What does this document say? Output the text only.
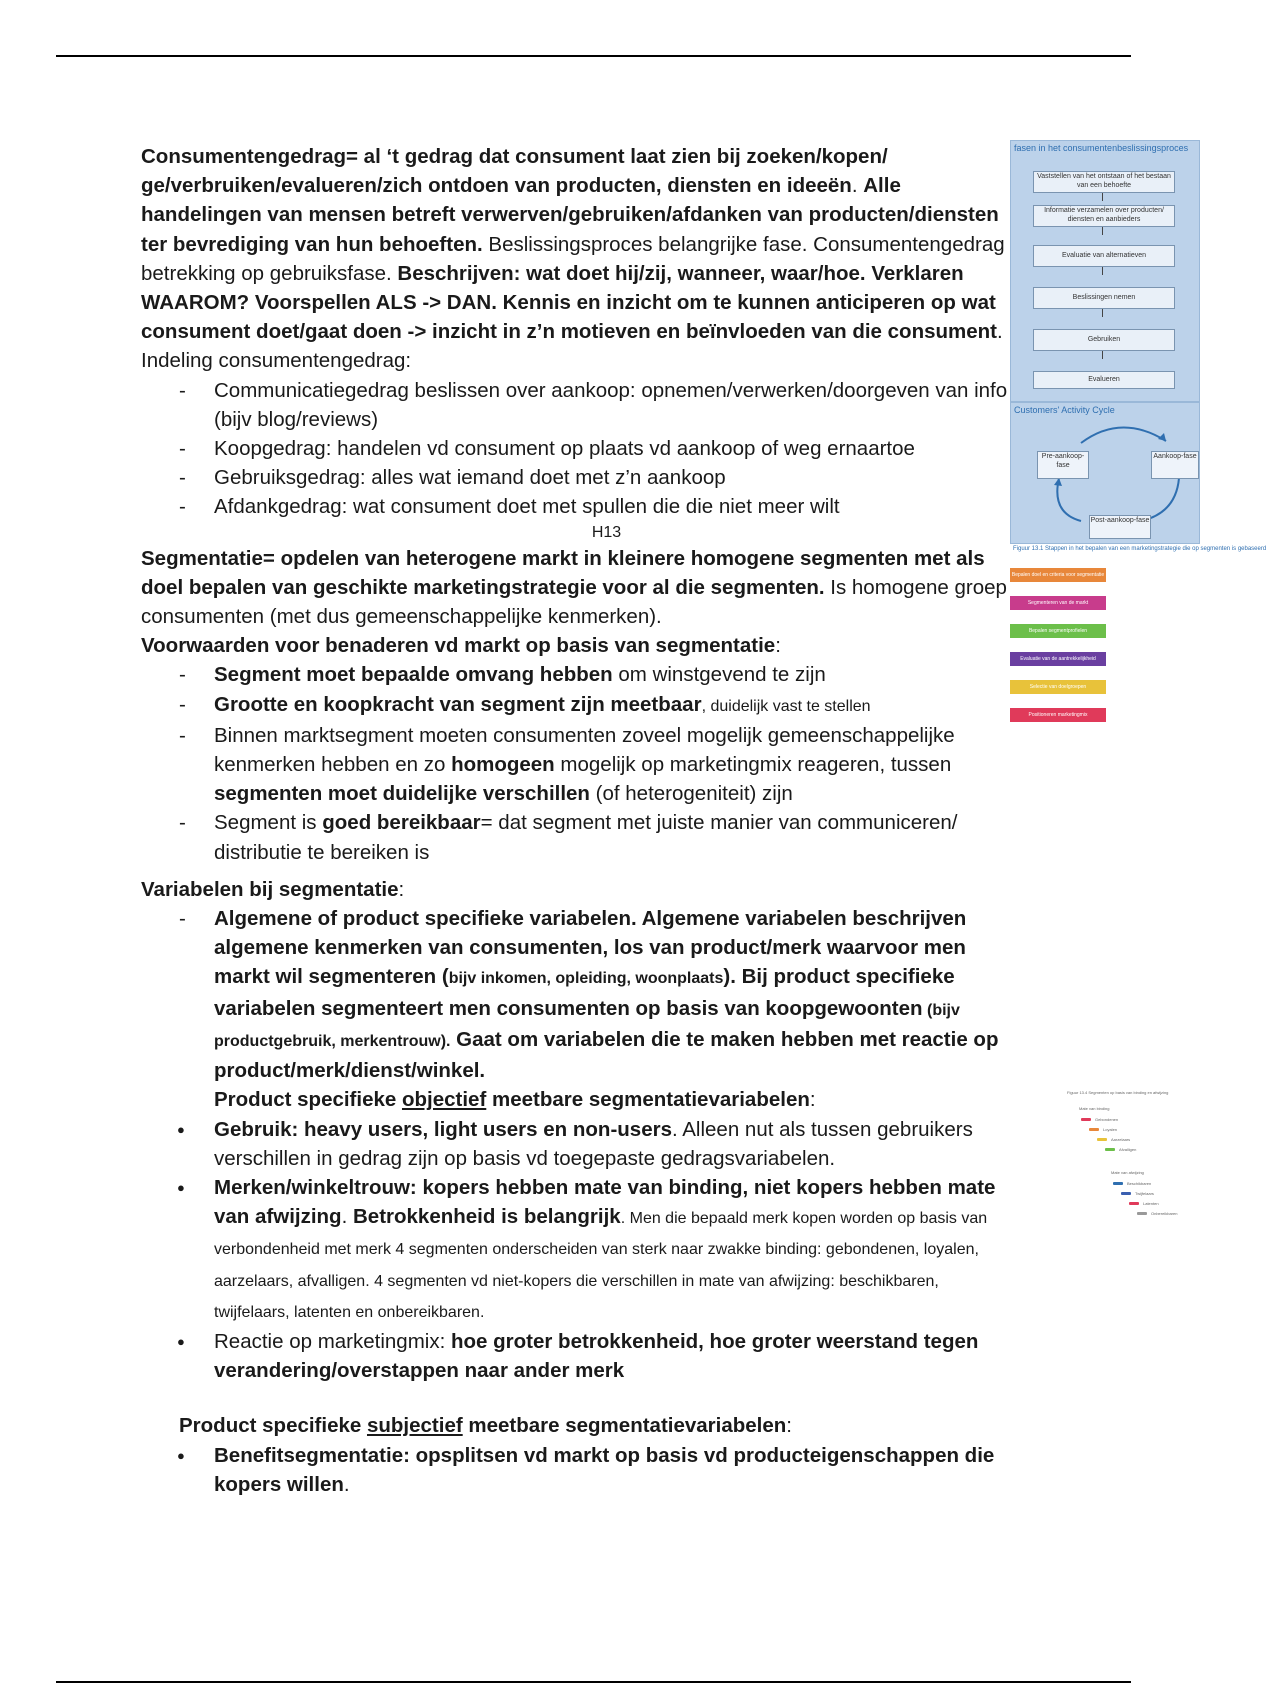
Consumentengedrag= al ‘t gedrag dat consument laat zien bij zoeken/kopen/ ge/verbruiken/evalueren/zich ontdoen van producten, diensten en ideeën. Alle handelingen van mensen betreft verwerven/gebruiken/afdanken van producten/diensten ter bevrediging van hun behoeften. Beslissingsproces belangrijke fase. Consumentengedrag betrekking op gebruiksfase. Beschrijven: wat doet hij/zij, wanneer, waar/hoe. Verklaren WAAROM? Voorspellen ALS -> DAN. Kennis en inzicht om te kunnen anticiperen op wat consument doet/gaat doen -> inzicht in z’n motieven en beïnvloeden van die consument. Indeling consumentengedrag:

- Communicatiegedrag beslissen over aankoop: opnemen/verwerken/doorgeven van info (bijv blog/reviews)
- Koopgedrag: handelen vd consument op plaats vd aankoop of weg ernaartoe
- Gebruiksgedrag: alles wat iemand doet met z’n aankoop
- Afdankgedrag: wat consument doet met spullen die die niet meer wilt
H13

Segmentatie= opdelen van heterogene markt in kleinere homogene segmenten met als doel bepalen van geschikte marketingstrategie voor al die segmenten. Is homogene groep consumenten (met dus gemeenschappelijke kenmerken).

Voorwaarden voor benaderen vd markt op basis van segmentatie:

- Segment moet bepaalde omvang hebben om winstgevend te zijn
- Grootte en koopkracht van segment zijn meetbaar, duidelijk vast te stellen
- Binnen marktsegment moeten consumenten zoveel mogelijk gemeenschappelijke kenmerken hebben en zo homogeen mogelijk op marketingmix reageren, tussen segmenten moet duidelijke verschillen (of heterogeniteit) zijn
- Segment is goed bereikbaar= dat segment met juiste manier van communiceren/ distributie te bereiken is

Variabelen bij segmentatie:

- Algemene of product specifieke variabelen. Algemene variabelen beschrijven algemene kenmerken van consumenten, los van product/merk waarvoor men markt wil segmenteren (bijv inkomen, opleiding, woonplaats). Bij product specifieke variabelen segmenteert men consumenten op basis van koopgewoonten (bijv productgebruik, merkentrouw). Gaat om variabelen die te maken hebben met reactie op product/merk/dienst/winkel.

Product specifieke objectief meetbare segmentatievariabelen:

● Gebruik: heavy users, light users en non-users. Alleen nut als tussen gebruikers verschillen in gedrag zijn op basis vd toegepaste gedragsvariabelen.
● Merken/winkeltrouw: kopers hebben mate van binding, niet kopers hebben mate van afwijzing. Betrokkenheid is belangrijk. Men die bepaald merk kopen worden op basis van verbondenheid met merk 4 segmenten onderscheiden van sterk naar zwakke binding: gebondenen, loyalen, aarzelaars, afvalligen. 4 segmenten vd niet-kopers die verschillen in mate van afwijzing: beschikbaren, twijfelaars, latenten en onbereikbaren.
● Reactie op marketingmix: hoe groter betrokkenheid, hoe groter weerstand tegen verandering/overstappen naar ander merk

Product specifieke subjectief meetbare segmentatievariabelen:

● Benefitsegmentatie: opsplitsen vd markt op basis vd producteigenschappen die kopers willen.
fasen in het consumentenbeslissingsproces
Vaststellen van het ontstaan of het bestaan van een behoefte
Informatie verzamelen over producten/ diensten en aanbieders
Evaluatie van alternatieven
Beslissingen nemen
Gebruiken
Evalueren
Customers' Activity Cycle
Pre-aankoop-fase
Aankoop-fase
Post-aankoop-fase
Figuur 13.1 Stappen in het bepalen van een marketingstrategie die op segmenten is gebaseerd
Bepalen doel en criteria voor segmentatie
Segmenteren van de markt
Bepalen segmentprofielen
Evaluatie van de aantrekkelijkheid
Selectie van doelgroepen
Positioneren marketingmix
Figuur 13.4 Segmenten op basis van binding en afwijzing
Mate van binding
Gebondenen
Loyalen
Aarzelaars
Afvalligen
Mate van afwijzing
Beschikbaren
Twijfelaars
Latenten
Onbereikbaren
